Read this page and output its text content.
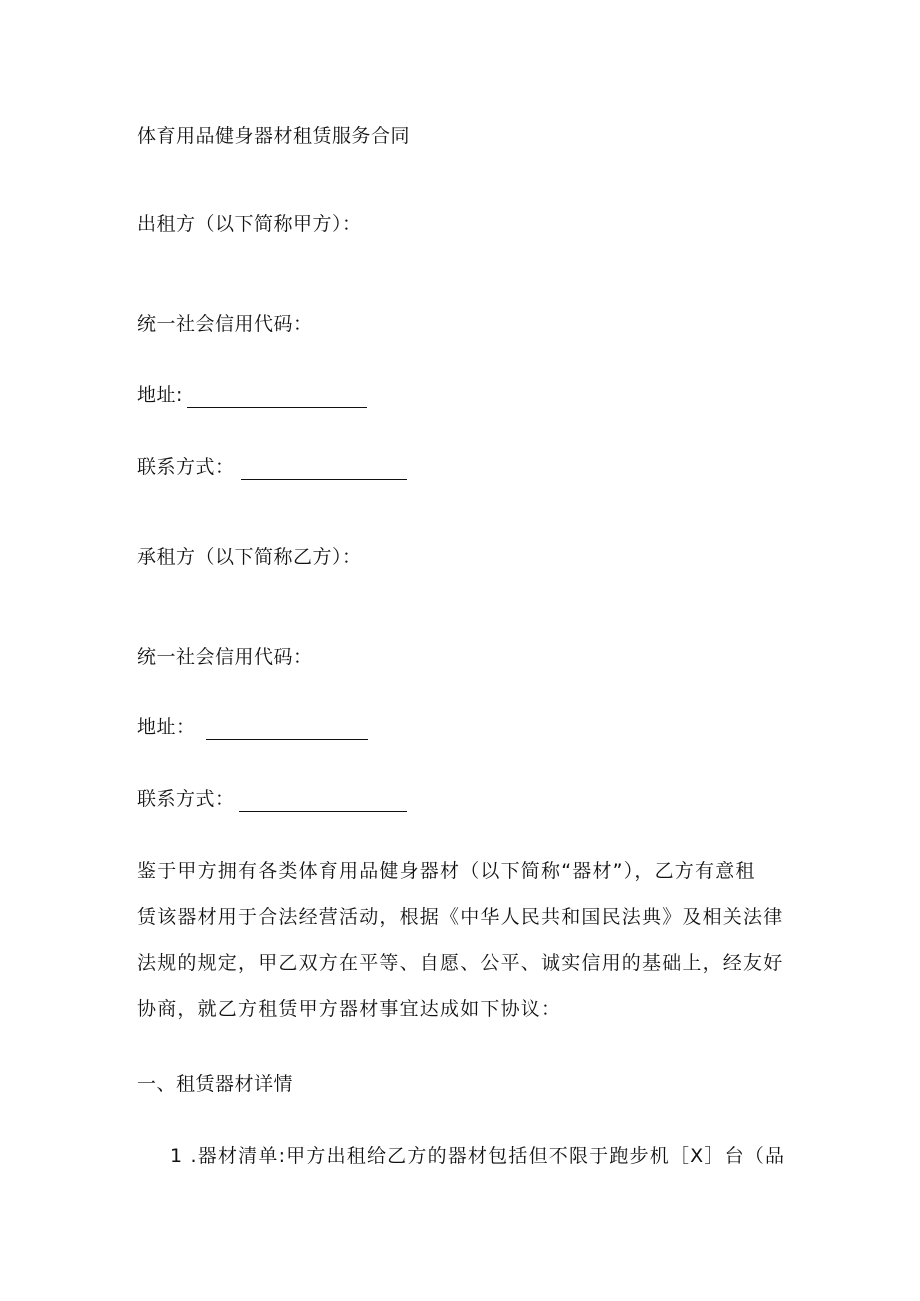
体育用品健身器材租赁服务合同
出租方（以下简称甲方）：
统一社会信用代码：
地址:
联系方式：
承租方（以下简称乙方）：
统一社会信用代码：
地址：
联系方式：
鉴于甲方拥有各类体育用品健身器材（以下简称“器材”），乙方有意租
赁该器材用于合法经营活动，根据《中华人民共和国民法典》及相关法律
法规的规定，甲乙双方在平等、自愿、公平、诚实信用的基础上，经友好
协商，就乙方租赁甲方器材事宜达成如下协议：
一、租赁器材详情
1 .器材清单:甲方出租给乙方的器材包括但不限于跑步机［X］台（品
